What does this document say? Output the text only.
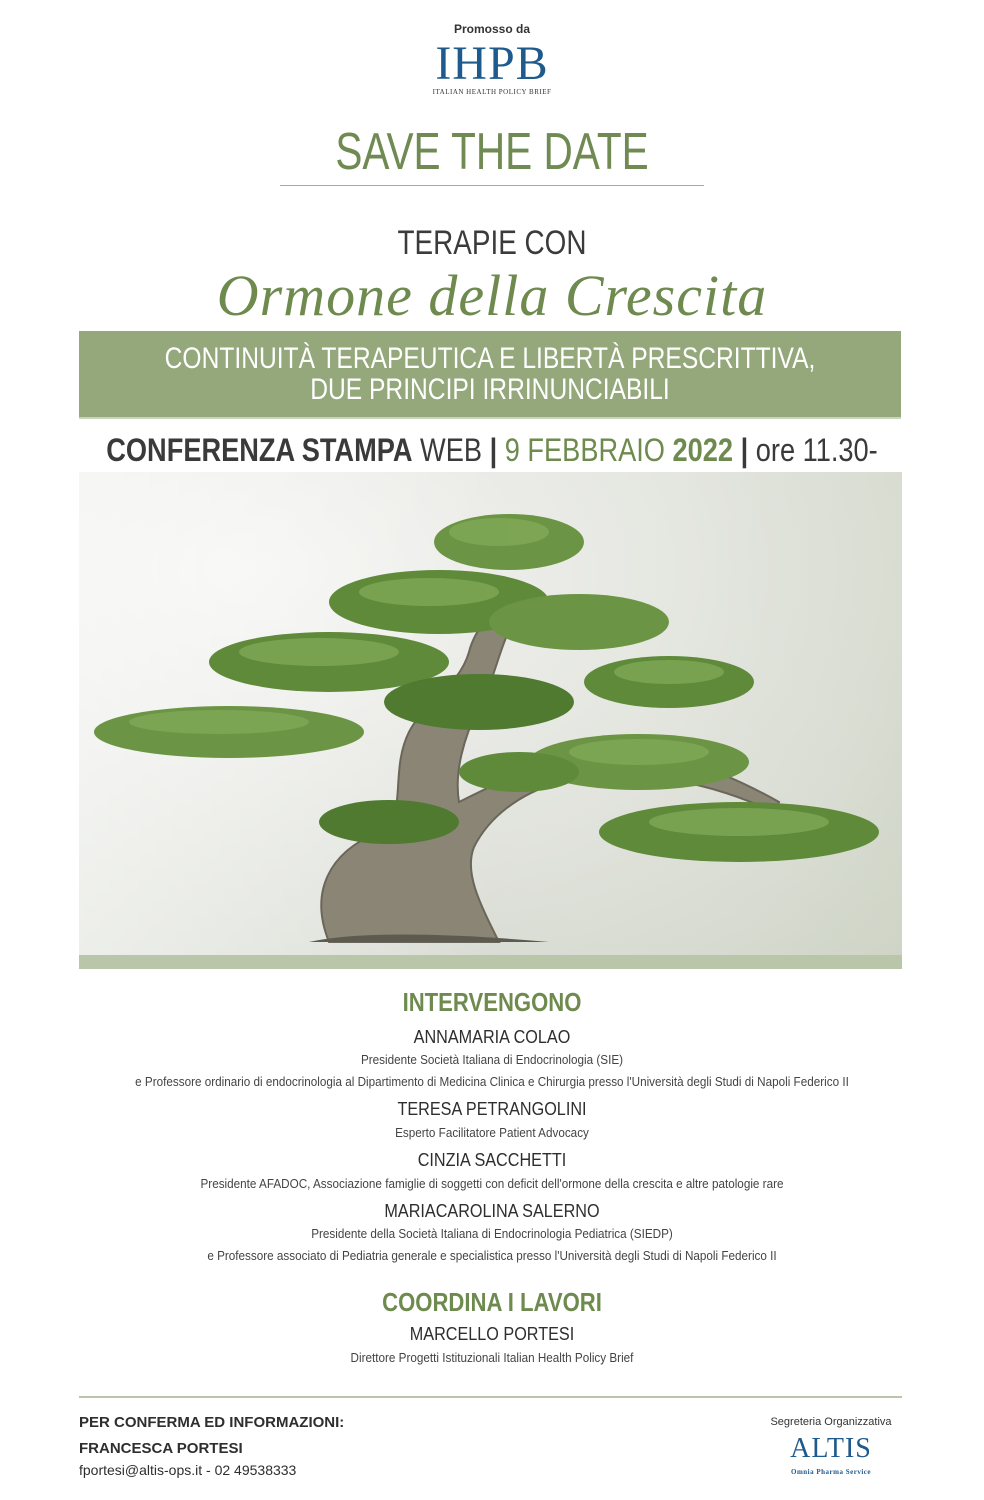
Promosso da
IHPB
ITALIAN HEALTH POLICY BRIEF
SAVE THE DATE
TERAPIE CON
Ormone della Crescita
CONTINUITÀ TERAPEUTICA E LIBERTÀ PRESCRITTIVA,
DUE PRINCIPI IRRINUNCIABILI
CONFERENZA STAMPA WEB | 9 FEBBRAIO 2022 | ore 11.30-
INTERVENGONO
ANNAMARIA COLAO
Presidente Società Italiana di Endocrinologia (SIE)
e Professore ordinario di endocrinologia al Dipartimento di Medicina Clinica e Chirurgia presso l'Università degli Studi di Napoli Federico II
TERESA PETRANGOLINI
Esperto Facilitatore Patient Advocacy
CINZIA SACCHETTI
Presidente AFADOC, Associazione famiglie di soggetti con deficit dell'ormone della crescita e altre patologie rare
MARIACAROLINA SALERNO
Presidente della Società Italiana di Endocrinologia Pediatrica (SIEDP)
e Professore associato di Pediatria generale e specialistica presso l'Università degli Studi di Napoli Federico II
COORDINA I LAVORI
MARCELLO PORTESI
Direttore Progetti Istituzionali Italian Health Policy Brief
PER CONFERMA ED INFORMAZIONI:
FRANCESCA PORTESI
fportesi@altis-ops.it - 02 49538333
Segreteria Organizzativa
ALTIS
Omnia Pharma Service
